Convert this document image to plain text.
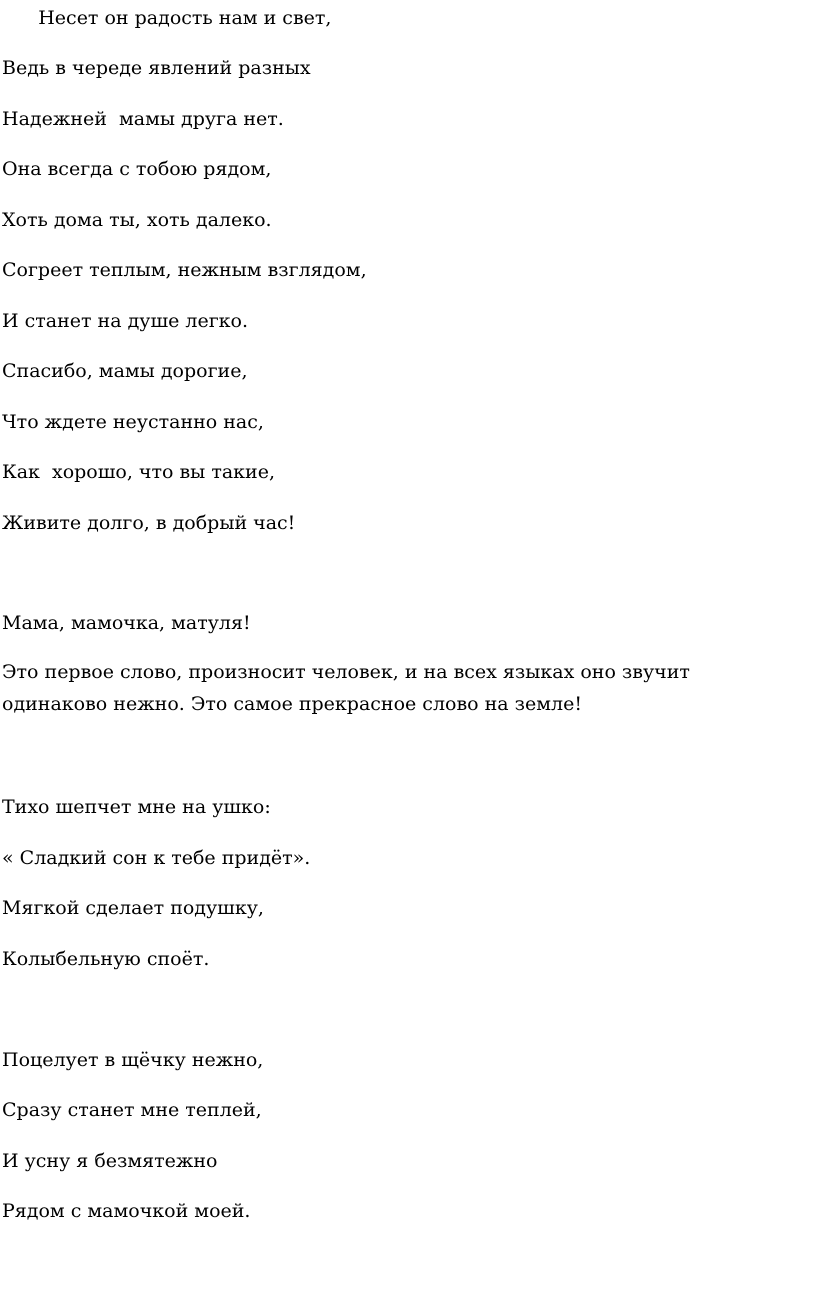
Несет он радость нам и свет,

Ведь в череде явлений разных

Надежней  мамы друга нет.

Она всегда с тобою рядом,

Хоть дома ты, хоть далеко.

Согреет теплым, нежным взглядом,

И станет на душе легко.

Спасибо, мамы дорогие,

Что ждете неустанно нас,

Как  хорошо, что вы такие,

Живите долго, в добрый час!

Мама, мамочка, матуля!

Это первое слово, произносит человек, и на всех языках оно звучит одинаково нежно. Это самое прекрасное слово на земле!

Тихо шепчет мне на ушко:

« Сладкий сон к тебе придёт».

Мягкой сделает подушку,

Колыбельную споёт.

Поцелует в щёчку нежно,

Сразу станет мне теплей,

И усну я безмятежно

Рядом с мамочкой моей.
